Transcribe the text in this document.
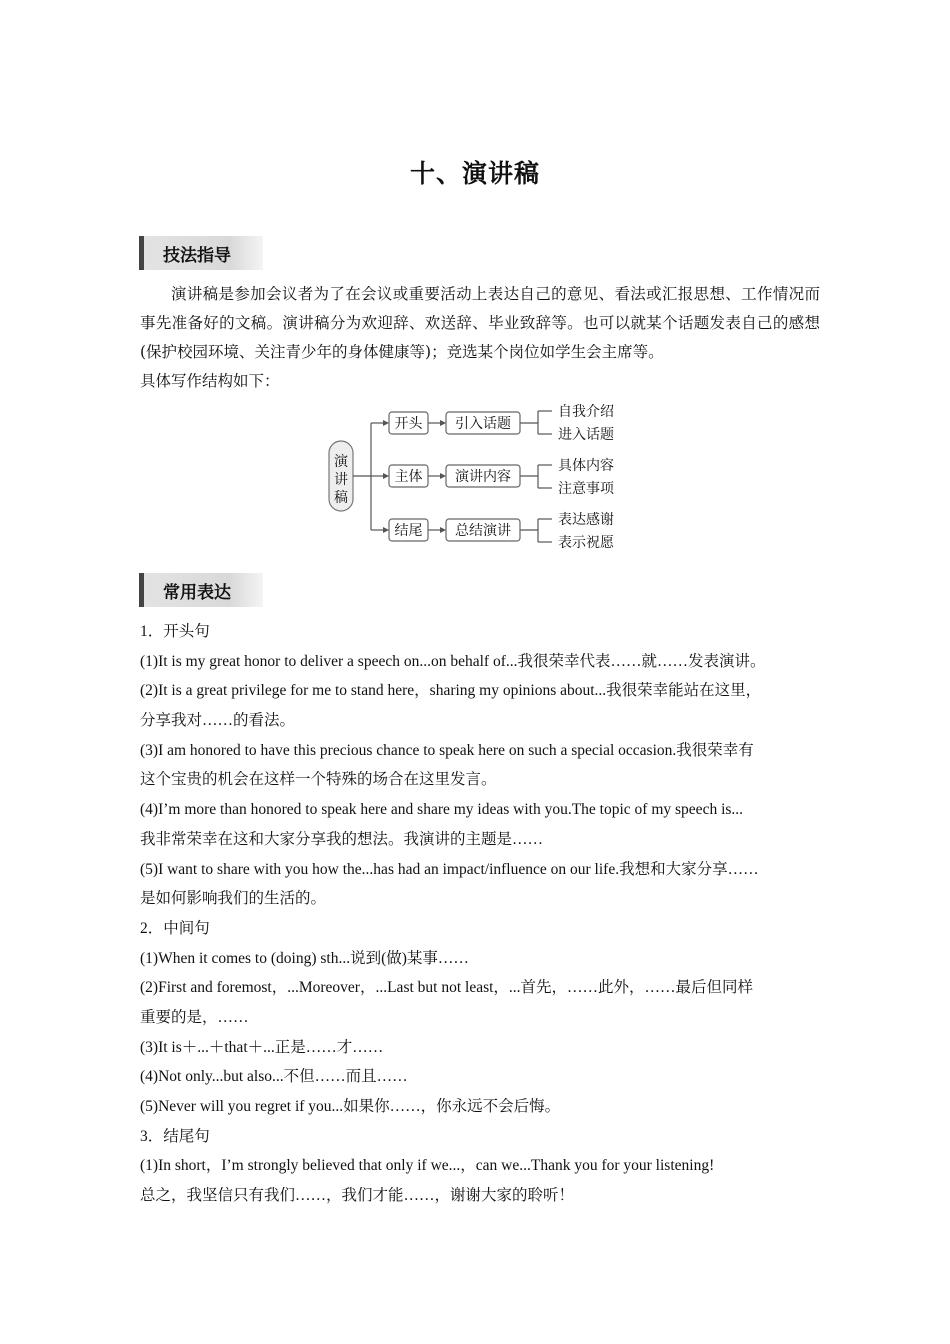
十、演讲稿
技法指导

演讲稿是参加会议者为了在会议或重要活动上表达自己的意见、看法或汇报思想、工作情况而事先准备好的文稿。演讲稿分为欢迎辞、欢送辞、毕业致辞等。也可以就某个话题发表自己的感想(保护校园环境、关注青少年的身体健康等)；竞选某个岗位如学生会主席等。

具体写作结构如下：
演
讲
稿
开头
主体
结尾
引入话题
演讲内容
总结演讲
自我介绍
进入话题
具体内容
注意事项
表达感谢
表示祝愿
常用表达
1．开头句
(1)It is my great honor to deliver a speech on...on behalf of...我很荣幸代表……就……发表演讲。
(2)It is a great privilege for me to stand here，sharing my opinions about...我很荣幸能站在这里，
分享我对……的看法。
(3)I am honored to have this precious chance to speak here on such a special occasion.我很荣幸有
这个宝贵的机会在这样一个特殊的场合在这里发言。
(4)I’m more than honored to speak here and share my ideas with you.The topic of my speech is...
我非常荣幸在这和大家分享我的想法。我演讲的主题是……
(5)I want to share with you how the...has had an impact/influence on our life.我想和大家分享……
是如何影响我们的生活的。
2．中间句
(1)When it comes to (doing) sth...说到(做)某事……
(2)First and foremost，...Moreover，...Last but not least，...首先，……此外，……最后但同样
重要的是，……
(3)It is＋...＋that＋...正是……才……
(4)Not only...but also...不但……而且……
(5)Never will you regret if you...如果你……，你永远不会后悔。
3．结尾句
(1)In short，I’m strongly believed that only if we...，can we...Thank you for your listening!
总之，我坚信只有我们……，我们才能……，谢谢大家的聆听！
